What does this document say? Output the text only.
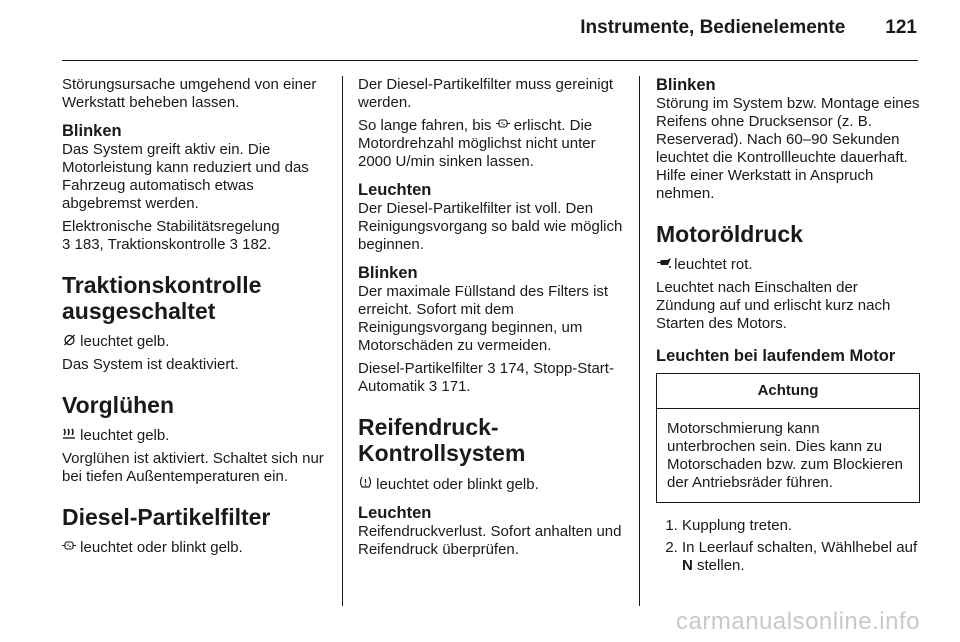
Instrumente, Bedienelemente 121

Störungsursache umgehend von einer Werkstatt beheben lassen.

Blinken

Das System greift aktiv ein. Die Motorleistung kann reduziert und das Fahrzeug automatisch etwas abgebremst werden.

Elektronische Stabilitätsregelung
3 183, Traktionskontrolle 3 182.

Traktionskontrolle
ausgeschaltet

leuchtet gelb.

Das System ist deaktiviert.

Vorglühen

leuchtet gelb.

Vorglühen ist aktiviert. Schaltet sich nur bei tiefen Außentemperaturen ein.

Diesel-Partikelfilter

leuchtet oder blinkt gelb.

Der Diesel-Partikelfilter muss gereinigt werden.

So lange fahren, bis erlischt. Die Motordrehzahl möglichst nicht unter 2000 U/min sinken lassen.

Leuchten

Der Diesel-Partikelfilter ist voll. Den Reinigungsvorgang so bald wie möglich beginnen.

Blinken

Der maximale Füllstand des Filters ist erreicht. Sofort mit dem Reinigungsvorgang beginnen, um Motorschäden zu vermeiden.

Diesel-Partikelfilter 3 174, Stopp-Start-Automatik 3 171.

Reifendruck-
Kontrollsystem

leuchtet oder blinkt gelb.

Leuchten

Reifendruckverlust. Sofort anhalten und Reifendruck überprüfen.

Blinken

Störung im System bzw. Montage eines Reifens ohne Drucksensor (z. B. Reserverad). Nach 60–90 Sekunden leuchtet die Kontrollleuchte dauerhaft. Hilfe einer Werkstatt in Anspruch nehmen.

Motoröldruck

leuchtet rot.

Leuchtet nach Einschalten der Zündung auf und erlischt kurz nach Starten des Motors.

Leuchten bei laufendem Motor
Achtung
Motorschmierung kann unterbrochen sein. Dies kann zu Motorschaden bzw. zum Blockieren der Antriebsräder führen.
1. Kupplung treten.
2. In Leerlauf schalten, Wählhebel auf N stellen.
carmanualsonline.info
